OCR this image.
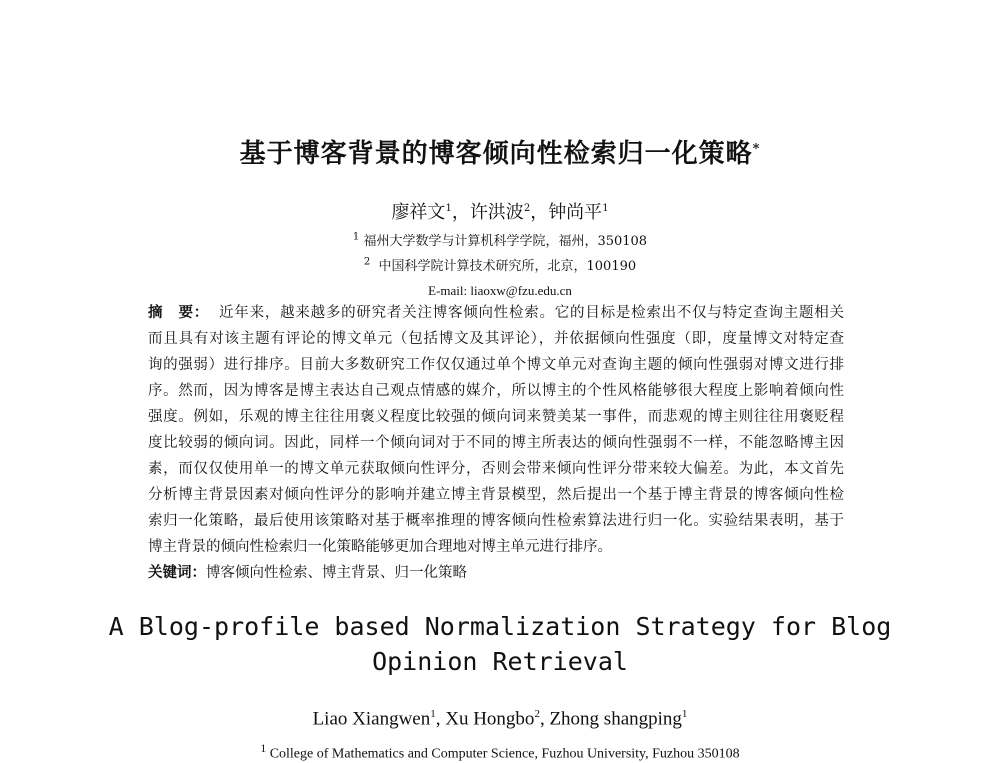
基于博客背景的博客倾向性检索归一化策略*
廖祥文$^1$，许洪波$^2$，钟尚平$^1$
$^1$ 福州大学数学与计算机科学学院，福州，350108
$^2$ 中国科学院计算技术研究所，北京，100190
E-mail: liaoxw@fzu.edu.cn
摘　要： 近年来，越来越多的研究者关注博客倾向性检索。它的目标是检索出不仅与特定查询主题相关
而且具有对该主题有评论的博文单元（包括博文及其评论），并依据倾向性强度（即，度量博文对特定查
询的强弱）进行排序。目前大多数研究工作仅仅通过单个博文单元对查询主题的倾向性强弱对博文进行排
序。然而，因为博客是博主表达自己观点情感的媒介，所以博主的个性风格能够很大程度上影响着倾向性
强度。例如，乐观的博主往往用褒义程度比较强的倾向词来赞美某一事件，而悲观的博主则往往用褒贬程
度比较弱的倾向词。因此，同样一个倾向词对于不同的博主所表达的倾向性强弱不一样，不能忽略博主因
素，而仅仅使用单一的博文单元获取倾向性评分，否则会带来倾向性评分带来较大偏差。为此，本文首先
分析博主背景因素对倾向性评分的影响并建立博主背景模型，然后提出一个基于博主背景的博客倾向性检
索归一化策略，最后使用该策略对基于概率推理的博客倾向性检索算法进行归一化。实验结果表明，基于
博主背景的倾向性检索归一化策略能够更加合理地对博主单元进行排序。
关键词：博客倾向性检索、博主背景、归一化策略
A Blog-profile based Normalization Strategy for Blog
Opinion Retrieval
Liao Xiangwen$^1$, Xu Hongbo$^2$, Zhong shangping$^1$
$^1$ College of Mathematics and Computer Science, Fuzhou University, Fuzhou 350108
